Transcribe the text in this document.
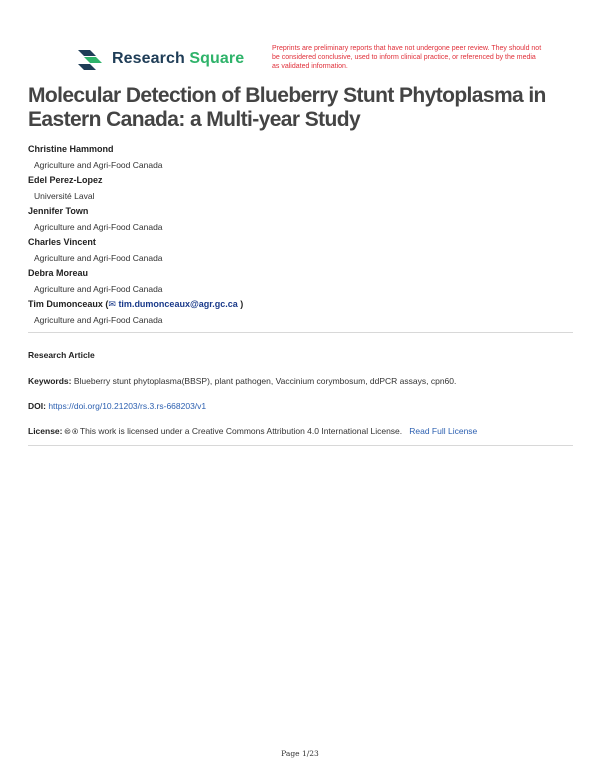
Research Square
Preprints are preliminary reports that have not undergone peer review. They should not be considered conclusive, used to inform clinical practice, or referenced by the media as validated information.
Molecular Detection of Blueberry Stunt Phytoplasma in Eastern Canada: a Multi-year Study
Christine Hammond
Agriculture and Agri-Food Canada
Edel Perez-Lopez
Université Laval
Jennifer Town
Agriculture and Agri-Food Canada
Charles Vincent
Agriculture and Agri-Food Canada
Debra Moreau
Agriculture and Agri-Food Canada
Tim Dumonceaux (✉ tim.dumonceaux@agr.gc.ca )
Agriculture and Agri-Food Canada
Research Article
Keywords: Blueberry stunt phytoplasma(BBSP), plant pathogen, Vaccinium corymbosum, ddPCR assays, cpn60.
DOI: https://doi.org/10.21203/rs.3.rs-668203/v1
License: 🅭 🅯 This work is licensed under a Creative Commons Attribution 4.0 International License. Read Full License
Page 1/23
